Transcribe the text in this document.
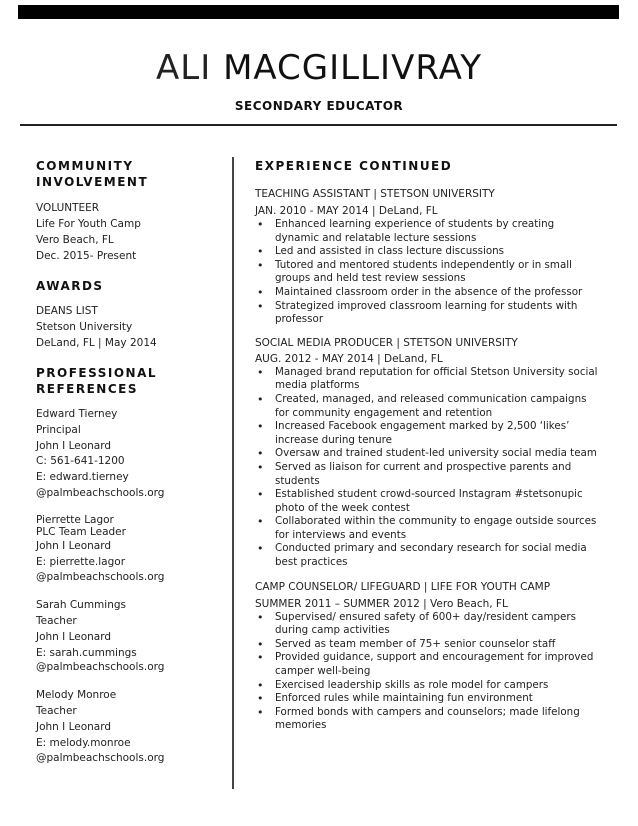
ALI MACGILLIVRAY
SECONDARY EDUCATOR
COMMUNITY
INVOLVEMENT
VOLUNTEER
Life For Youth Camp
Vero Beach, FL
Dec. 2015- Present
AWARDS
DEANS LIST
Stetson University
DeLand, FL | May 2014
PROFESSIONAL
REFERENCES
Edward Tierney
Principal
John I Leonard
C: 561-641-1200
E: edward.tierney
@palmbeachschools.org
Pierrette Lagor
PLC Team Leader
John I Leonard
E: pierrette.lagor
@palmbeachschools.org
Sarah Cummings
Teacher
John I Leonard
E: sarah.cummings
@palmbeachschools.org
Melody Monroe
Teacher
John I Leonard
E: melody.monroe
@palmbeachschools.org
EXPERIENCE CONTINUED
TEACHING ASSISTANT | STETSON UNIVERSITY
JAN. 2010 - MAY 2014 | DeLand, FL
• Enhanced learning experience of students by creating dynamic and relatable lecture sessions
• Led and assisted in class lecture discussions
• Tutored and mentored students independently or in small groups and held test review sessions
• Maintained classroom order in the absence of the professor
• Strategized improved classroom learning for students with professor
SOCIAL MEDIA PRODUCER | STETSON UNIVERSITY
AUG. 2012 - MAY 2014 | DeLand, FL
• Managed brand reputation for official Stetson University social media platforms
• Created, managed, and released communication campaigns for community engagement and retention
• Increased Facebook engagement marked by 2,500 ‘likes’ increase during tenure
• Oversaw and trained student-led university social media team
• Served as liaison for current and prospective parents and students
• Established student crowd-sourced Instagram #stetsonupic photo of the week contest
• Collaborated within the community to engage outside sources for interviews and events
• Conducted primary and secondary research for social media best practices
CAMP COUNSELOR/ LIFEGUARD | LIFE FOR YOUTH CAMP
SUMMER 2011 – SUMMER 2012 | Vero Beach, FL
• Supervised/ ensured safety of 600+ day/resident campers during camp activities
• Served as team member of 75+ senior counselor staff
• Provided guidance, support and encouragement for improved camper well-being
• Exercised leadership skills as role model for campers
• Enforced rules while maintaining fun environment
• Formed bonds with campers and counselors; made lifelong memories
